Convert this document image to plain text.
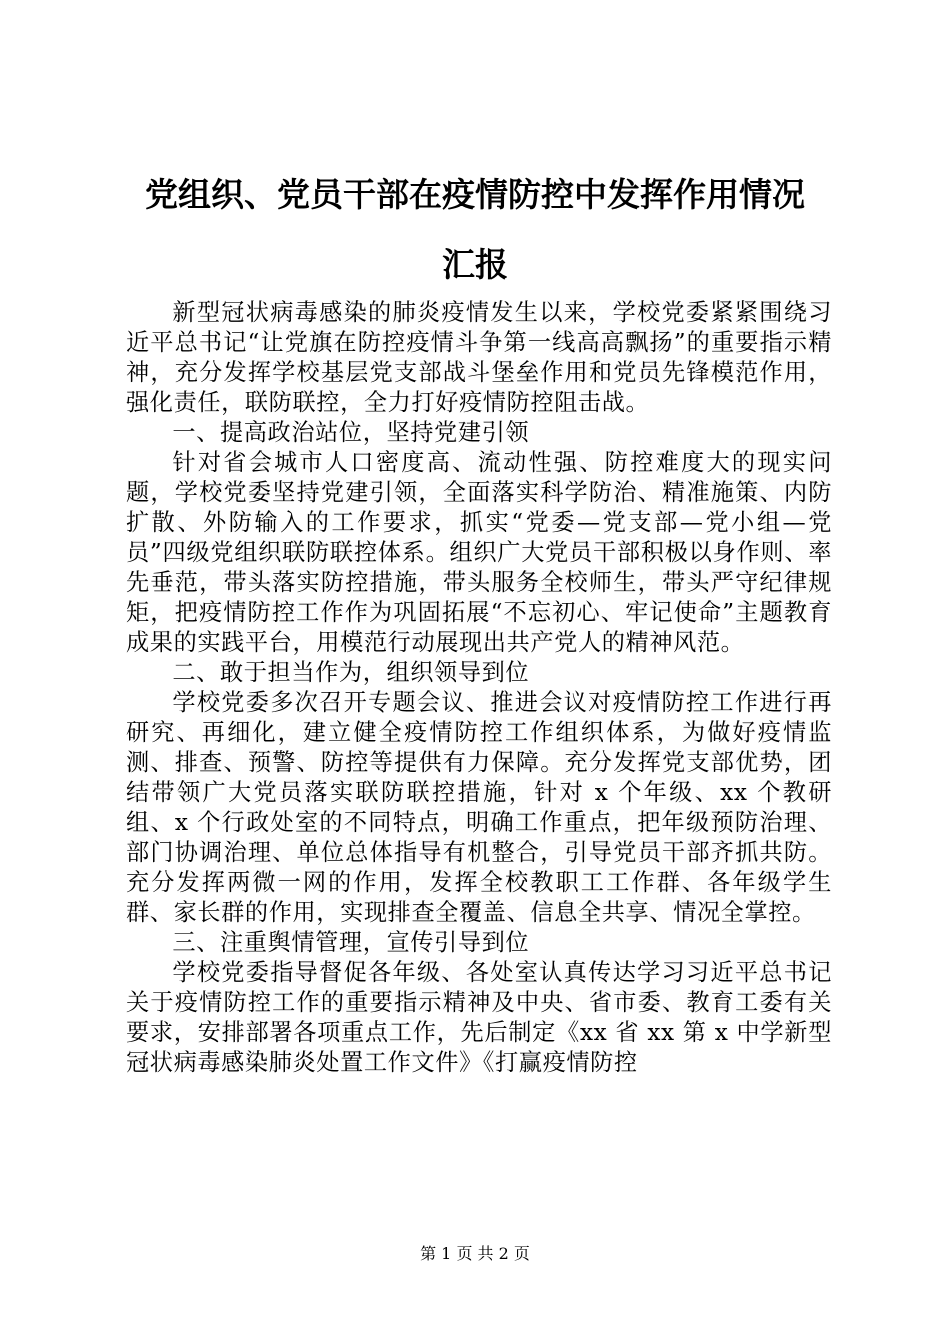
党组织、党员干部在疫情防控中发挥作用情况
汇报

新型冠状病毒感染的肺炎疫情发生以来，学校党委紧紧围绕习近平总书记“让党旗在防控疫情斗争第一线高高飘扬”的重要指示精神，充分发挥学校基层党支部战斗堡垒作用和党员先锋模范作用，强化责任，联防联控，全力打好疫情防控阻击战。

一、提高政治站位，坚持党建引领

针对省会城市人口密度高、流动性强、防控难度大的现实问题，学校党委坚持党建引领，全面落实科学防治、精准施策、内防扩散、外防输入的工作要求，抓实“党委—党支部—党小组—党员”四级党组织联防联控体系。组织广大党员干部积极以身作则、率先垂范，带头落实防控措施，带头服务全校师生，带头严守纪律规矩，把疫情防控工作作为巩固拓展“不忘初心、牢记使命”主题教育成果的实践平台，用模范行动展现出共产党人的精神风范。

二、敢于担当作为，组织领导到位

学校党委多次召开专题会议、推进会议对疫情防控工作进行再研究、再细化，建立健全疫情防控工作组织体系，为做好疫情监测、排查、预警、防控等提供有力保障。充分发挥党支部优势，团结带领广大党员落实联防联控措施，针对 x 个年级、xx 个教研组、x 个行政处室的不同特点，明确工作重点，把年级预防治理、部门协调治理、单位总体指导有机整合，引导党员干部齐抓共防。充分发挥两微一网的作用，发挥全校教职工工作群、各年级学生群、家长群的作用，实现排查全覆盖、信息全共享、情况全掌控。

三、注重舆情管理，宣传引导到位

学校党委指导督促各年级、各处室认真传达学习习近平总书记关于疫情防控工作的重要指示精神及中央、省市委、教育工委有关要求，安排部署各项重点工作，先后制定《xx 省 xx 第 x 中学新型冠状病毒感染肺炎处置工作文件》《打赢疫情防控

第 1 页 共 2 页
